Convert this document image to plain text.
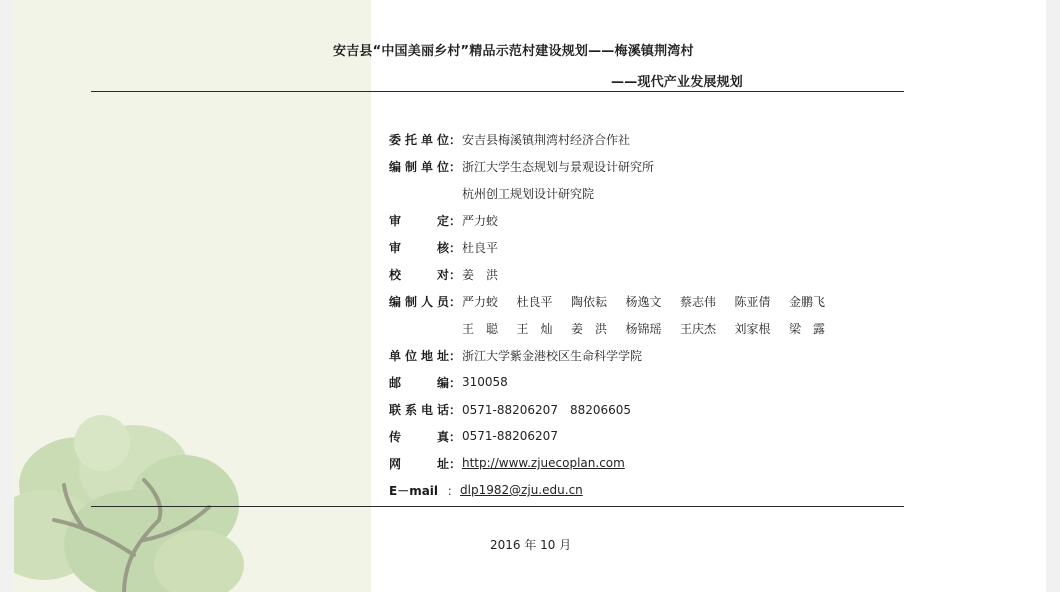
安吉县“中国美丽乡村”精品示范村建设规划——梅溪镇荆湾村
——现代产业发展规划
委托单位 ： 安吉县梅溪镇荆湾村经济合作社
编制单位 ： 浙江大学生态规划与景观设计研究所
杭州创工规划设计研究院
审定 ： 严力蛟
审核 ： 杜良平
校对 ： 姜　洪
编制人员 ： 严力蛟	杜良平	陶依耘	杨逸文	蔡志伟	陈亚倩	金鹏飞
王　聪	王　灿	姜　洪	杨锦瑶	王庆杰	刘家根	梁　露
单位地址 ： 浙江大学紫金港校区生命科学学院
邮编 ： 310058
联系电话 ： 0571-88206207　88206605
传真 ： 0571-88206207
网址 ： http://www.zjuecoplan.com
E－mail ： dlp1982@zju.edu.cn
2016 年 10 月
